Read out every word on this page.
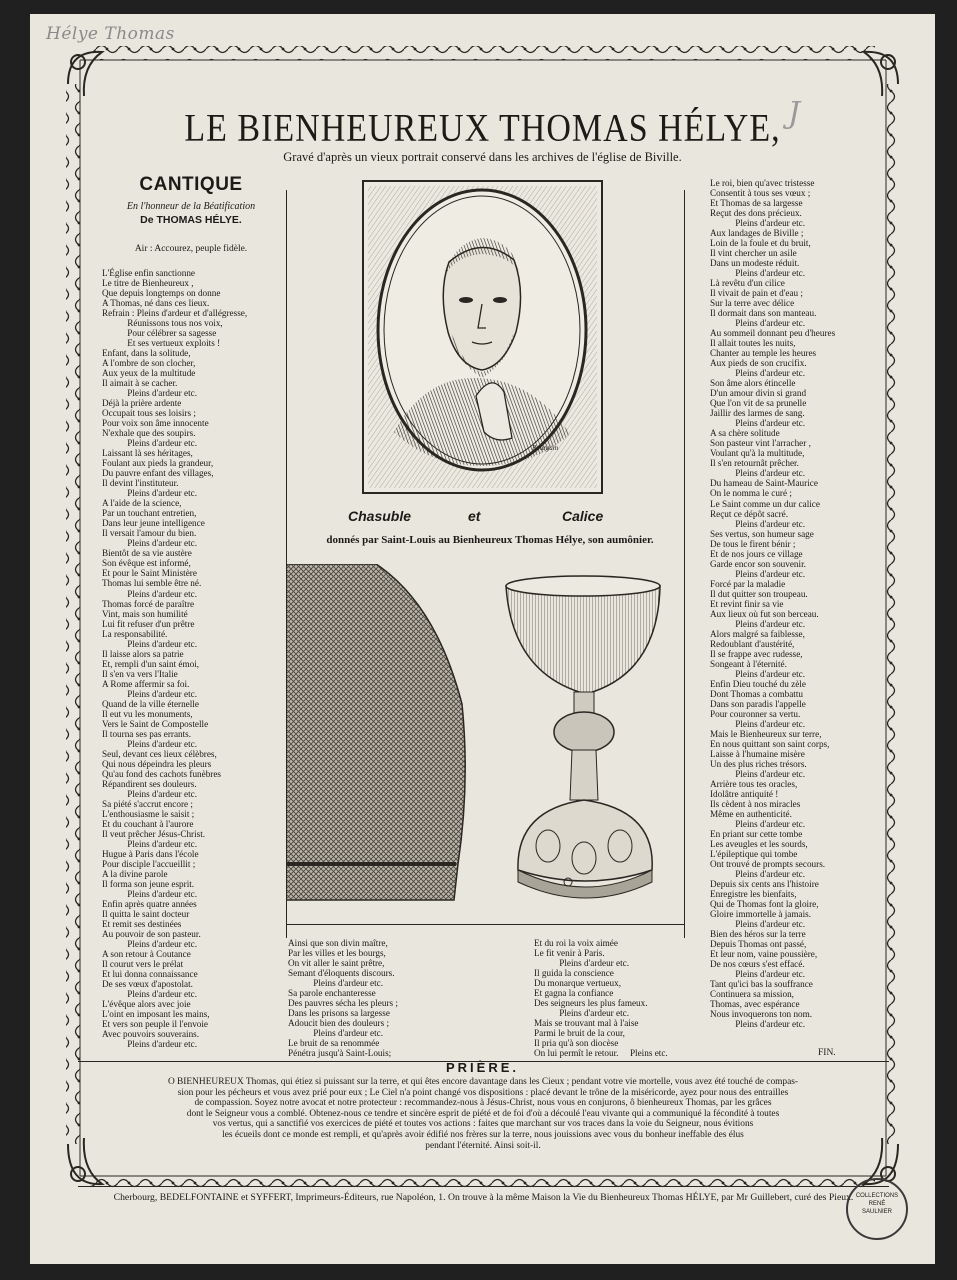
Hélye Thomas
J
LE BIENHEUREUX THOMAS HÉLYE,
Gravé d'après un vieux portrait conservé dans les archives de l'église de Biville.
CANTIQUE
En l'honneur de la Béatification
De THOMAS HÉLYE.
Air : Accourez, peuple fidèle.
Bourgain
Chasuble	et	Calice
donnés par Saint-Louis au Bienheureux Thomas Hélye, son aumônier.
L'Église enfin sanctionne
Le titre de Bienheureux ,
Que depuis longtemps on donne
A Thomas, né dans ces lieux.
Refrain : Pleins d'ardeur et d'allégresse,
Réunissons tous nos voix,
Pour célébrer sa sagesse
Et ses vertueux exploits !
Enfant, dans la solitude,
A l'ombre de son clocher,
Aux yeux de la multitude
Il aimait à se cacher.
Pleins d'ardeur etc.
Déjà la prière ardente
Occupait tous ses loisirs ;
Pour voix son âme innocente
N'exhale que des soupirs.
Pleins d'ardeur etc.
Laissant là ses héritages,
Foulant aux pieds la grandeur,
Du pauvre enfant des villages,
Il devint l'instituteur.
Pleins d'ardeur etc.
A l'aide de la science,
Par un touchant entretien,
Dans leur jeune intelligence
Il versait l'amour du bien.
Pleins d'ardeur etc.
Bientôt de sa vie austère
Son évêque est informé,
Et pour le Saint Ministère
Thomas lui semble être né.
Pleins d'ardeur etc.
Thomas forcé de paraître
Vint, mais son humilité
Lui fit refuser d'un prêtre
La responsabilité.
Pleins d'ardeur etc.
Il laisse alors sa patrie
Et, rempli d'un saint émoi,
Il s'en va vers l'Italie
A Rome affermir sa foi.
Pleins d'ardeur etc.
Quand de la ville éternelle
Il eut vu les monuments,
Vers le Saint de Compostelle
Il tourna ses pas errants.
Pleins d'ardeur etc.
Seul, devant ces lieux célèbres,
Qui nous dépeindra les pleurs
Qu'au fond des cachots funèbres
Répandirent ses douleurs.
Pleins d'ardeur etc.
Sa piété s'accrut encore ;
L'enthousiasme le saisit ;
Et du couchant à l'aurore
Il veut prêcher Jésus-Christ.
Pleins d'ardeur etc.
Hugue à Paris dans l'école
Pour disciple l'accueillit ;
A la divine parole
Il forma son jeune esprit.
Pleins d'ardeur etc.
Enfin après quatre années
Il quitta le saint docteur
Et remit ses destinées
Au pouvoir de son pasteur.
Pleins d'ardeur etc.
A son retour à Coutance
Il courut vers le prélat
Et lui donna connaissance
De ses vœux d'apostolat.
Pleins d'ardeur etc.
L'évêque alors avec joie
L'oint en imposant les mains,
Et vers son peuple il l'envoie
Avec pouvoirs souverains.
Pleins d'ardeur etc.
Ainsi que son divin maître,
Par les villes et les bourgs,
On vit aller le saint prêtre,
Semant d'éloquents discours.
Pleins d'ardeur etc.
Sa parole enchanteresse
Des pauvres sécha les pleurs ;
Dans les prisons sa largesse
Adoucit bien des douleurs ;
Pleins d'ardeur etc.
Le bruit de sa renommée
Pénétra jusqu'à Saint-Louis;
Et du roi la voix aimée
Le fit venir à Paris.
Pleins d'ardeur etc.
Il guida la conscience
Du monarque vertueux,
Et gagna la confiance
Des seigneurs les plus fameux.
Pleins d'ardeur etc.
Mais se trouvant mal à l'aise
Parmi le bruit de la cour,
Il pria qu'à son diocèse
On lui permît le retour.     Pleins etc.
Le roi, bien qu'avec tristesse
Consentit à tous ses vœux ;
Et Thomas de sa largesse
Reçut des dons précieux.
Pleins d'ardeur etc.
Aux landages de Biville ;
Loin de la foule et du bruit,
Il vint chercher un asile
Dans un modeste réduit.
Pleins d'ardeur etc.
Là revêtu d'un cilice
Il vivait de pain et d'eau ;
Sur la terre avec délice
Il dormait dans son manteau.
Pleins d'ardeur etc.
Au sommeil donnant peu d'heures
Il allait toutes les nuits,
Chanter au temple les heures
Aux pieds de son crucifix.
Pleins d'ardeur etc.
Son âme alors étincelle
D'un amour divin si grand
Que l'on vit de sa prunelle
Jaillir des larmes de sang.
Pleins d'ardeur etc.
A sa chère solitude
Son pasteur vint l'arracher ,
Voulant qu'à la multitude,
Il s'en retournât prêcher.
Pleins d'ardeur etc.
Du hameau de Saint-Maurice
On le nomma le curé ;
Le Saint comme un dur calice
Reçut ce dépôt sacré.
Pleins d'ardeur etc.
Ses vertus, son humeur sage
De tous le firent bénir ;
Et de nos jours ce village
Garde encor son souvenir.
Pleins d'ardeur etc.
Forcé par la maladie
Il dut quitter son troupeau.
Et revint finir sa vie
Aux lieux où fut son berceau.
Pleins d'ardeur etc.
Alors malgré sa faiblesse,
Redoublant d'austérité,
Il se frappe avec rudesse,
Songeant à l'éternité.
Pleins d'ardeur etc.
Enfin Dieu touché du zèle
Dont Thomas a combattu
Dans son paradis l'appelle
Pour couronner sa vertu.
Pleins d'ardeur etc.
Mais le Bienheureux sur terre,
En nous quittant son saint corps,
Laisse à l'humaine misère
Un des plus riches trésors.
Pleins d'ardeur etc.
Arrière tous tes oracles,
Idolâtre antiquité !
Ils cèdent à nos miracles
Même en authenticité.
Pleins d'ardeur etc.
En priant sur cette tombe
Les aveugles et les sourds,
L'épileptique qui tombe
Ont trouvé de prompts secours.
Pleins d'ardeur etc.
Depuis six cents ans l'histoire
Enregistre les bienfaits,
Qui de Thomas font la gloire,
Gloire immortelle à jamais.
Pleins d'ardeur etc.
Bien des héros sur la terre
Depuis Thomas ont passé,
Et leur nom, vaine poussière,
De nos cœurs s'est effacé.
Pleins d'ardeur etc.
Tant qu'ici bas la souffrance
Continuera sa mission,
Thomas, avec espérance
Nous invoquerons ton nom.
Pleins d'ardeur etc.
FIN.
PRIÈRE.
O BIENHEUREUX Thomas, qui étiez si puissant sur la terre, et qui êtes encore davantage dans les Cieux ; pendant votre vie mortelle, vous avez été touché de compas-
sion pour les pécheurs et vous avez prié pour eux ; Le Ciel n'a point changé vos dispositions : placé devant le trône de la miséricorde, ayez pour nous des entrailles
de compassion. Soyez notre avocat et notre protecteur : recommandez-nous à Jésus-Christ, nous vous en conjurons, ô bienheureux Thomas, par les grâces
dont le Seigneur vous a comblé. Obtenez-nous ce tendre et sincère esprit de piété et de foi d'où a découlé l'eau vivante qui a communiqué la fécondité à toutes
vos vertus, qui a sanctifié vos exercices de piété et toutes vos actions : faites que marchant sur vos traces dans la voie du Seigneur, nous évitions
les écueils dont ce monde est rempli, et qu'après avoir édifié nos frères sur la terre, nous jouissions avec vous du bonheur ineffable des élus
pendant l'éternité. Ainsi soit-il.
Cherbourg, BEDELFONTAINE et SYFFERT, Imprimeurs-Éditeurs, rue Napoléon, 1. On trouve à la même Maison la Vie du Bienheureux Thomas HÉLYE, par Mr Guillebert, curé des Pieux. COLLECTIONS
RENÉ
SAULNIER
